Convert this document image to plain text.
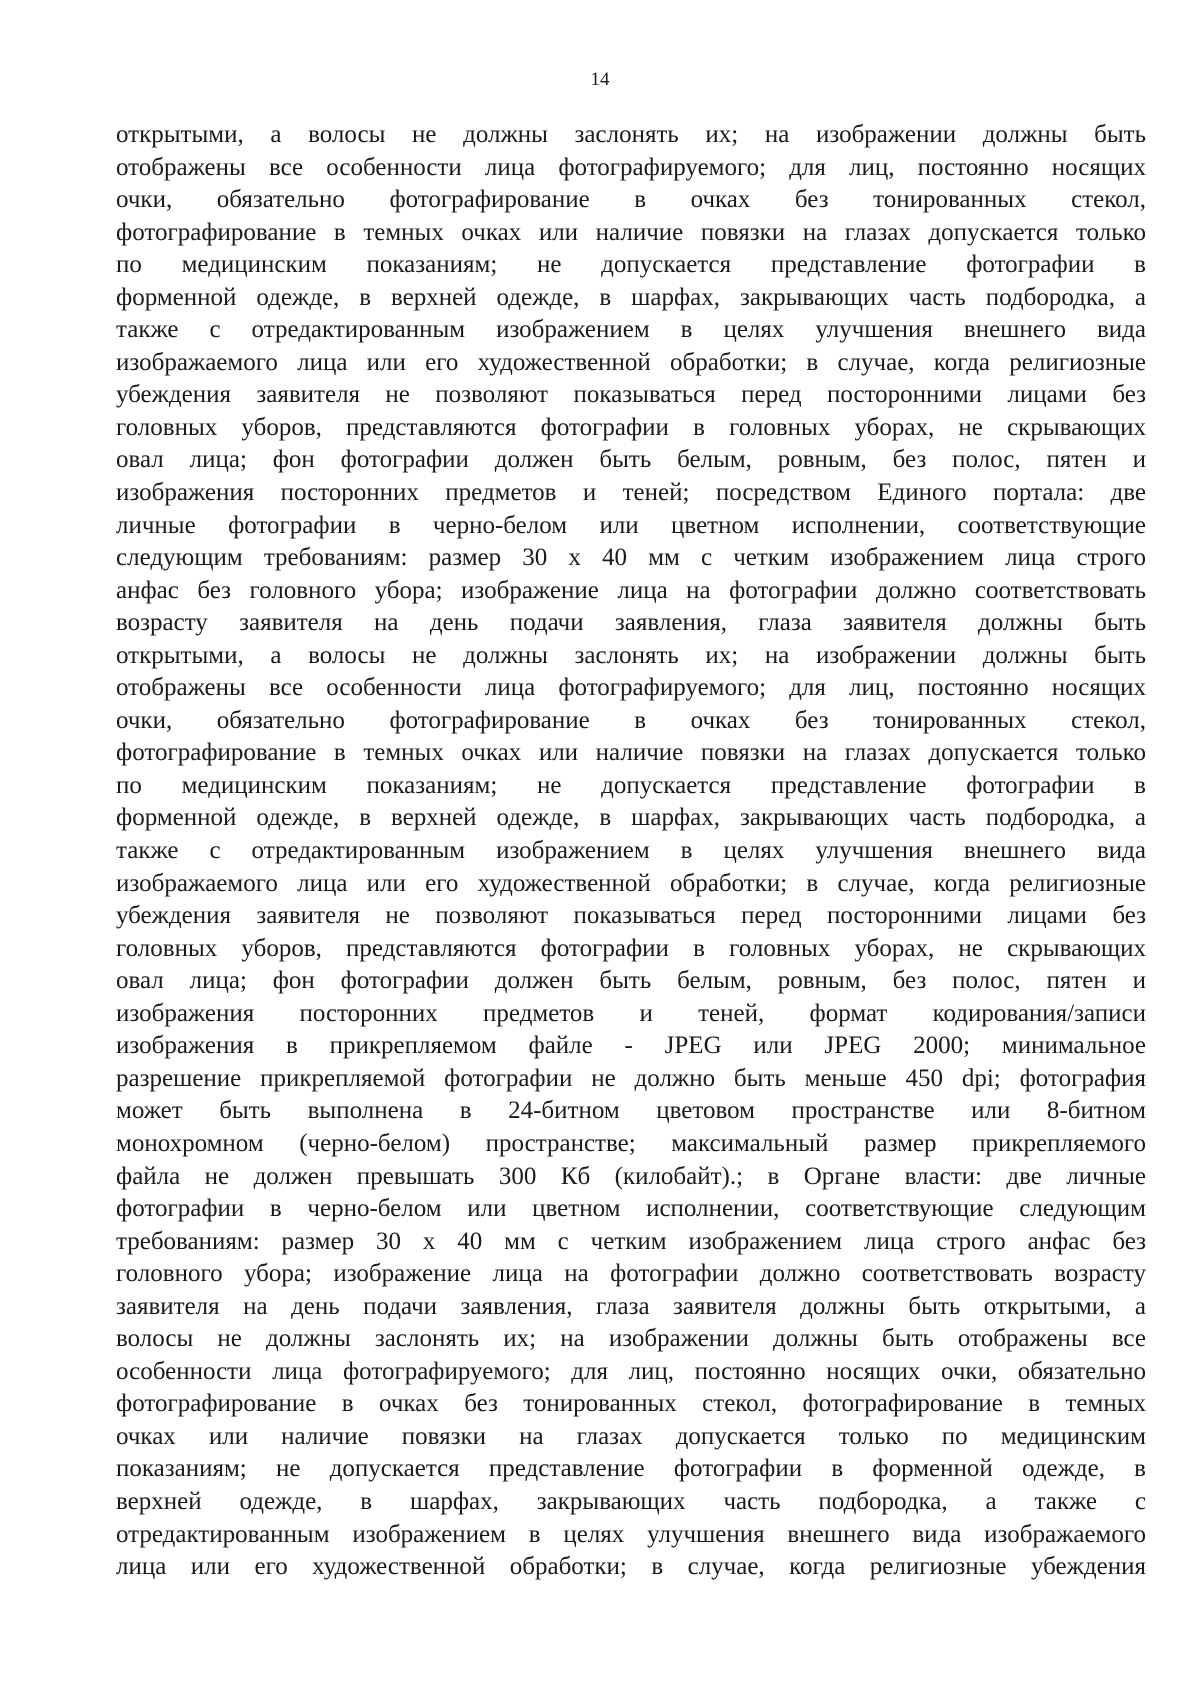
14
открытыми, а волосы не должны заслонять их; на изображении должны быть
отображены все особенности лица фотографируемого; для лиц, постоянно носящих
очки, обязательно фотографирование в очках без тонированных стекол,
фотографирование в темных очках или наличие повязки на глазах допускается только
по медицинским показаниям; не допускается представление фотографии в
форменной одежде, в верхней одежде, в шарфах, закрывающих часть подбородка, а
также с отредактированным изображением в целях улучшения внешнего вида
изображаемого лица или его художественной обработки; в случае, когда религиозные
убеждения заявителя не позволяют показываться перед посторонними лицами без
головных уборов, представляются фотографии в головных уборах, не скрывающих
овал лица; фон фотографии должен быть белым, ровным, без полос, пятен и
изображения посторонних предметов и теней; посредством Единого портала: две
личные фотографии в черно-белом или цветном исполнении, соответствующие
следующим требованиям: размер 30 x 40 мм с четким изображением лица строго
анфас без головного убора; изображение лица на фотографии должно соответствовать
возрасту заявителя на день подачи заявления, глаза заявителя должны быть
открытыми, а волосы не должны заслонять их; на изображении должны быть
отображены все особенности лица фотографируемого; для лиц, постоянно носящих
очки, обязательно фотографирование в очках без тонированных стекол,
фотографирование в темных очках или наличие повязки на глазах допускается только
по медицинским показаниям; не допускается представление фотографии в
форменной одежде, в верхней одежде, в шарфах, закрывающих часть подбородка, а
также с отредактированным изображением в целях улучшения внешнего вида
изображаемого лица или его художественной обработки; в случае, когда религиозные
убеждения заявителя не позволяют показываться перед посторонними лицами без
головных уборов, представляются фотографии в головных уборах, не скрывающих
овал лица; фон фотографии должен быть белым, ровным, без полос, пятен и
изображения посторонних предметов и теней, формат кодирования/записи
изображения в прикрепляемом файле - JPEG или JPEG 2000; минимальное
разрешение прикрепляемой фотографии не должно быть меньше 450 dpi; фотография
может быть выполнена в 24-битном цветовом пространстве или 8-битном
монохромном (черно-белом) пространстве; максимальный размер прикрепляемого
файла не должен превышать 300 Кб (килобайт).; в Органе власти: две личные
фотографии в черно-белом или цветном исполнении, соответствующие следующим
требованиям: размер 30 x 40 мм с четким изображением лица строго анфас без
головного убора; изображение лица на фотографии должно соответствовать возрасту
заявителя на день подачи заявления, глаза заявителя должны быть открытыми, а
волосы не должны заслонять их; на изображении должны быть отображены все
особенности лица фотографируемого; для лиц, постоянно носящих очки, обязательно
фотографирование в очках без тонированных стекол, фотографирование в темных
очках или наличие повязки на глазах допускается только по медицинским
показаниям; не допускается представление фотографии в форменной одежде, в
верхней одежде, в шарфах, закрывающих часть подбородка, а также с
отредактированным изображением в целях улучшения внешнего вида изображаемого
лица или его художественной обработки; в случае, когда религиозные убеждения
